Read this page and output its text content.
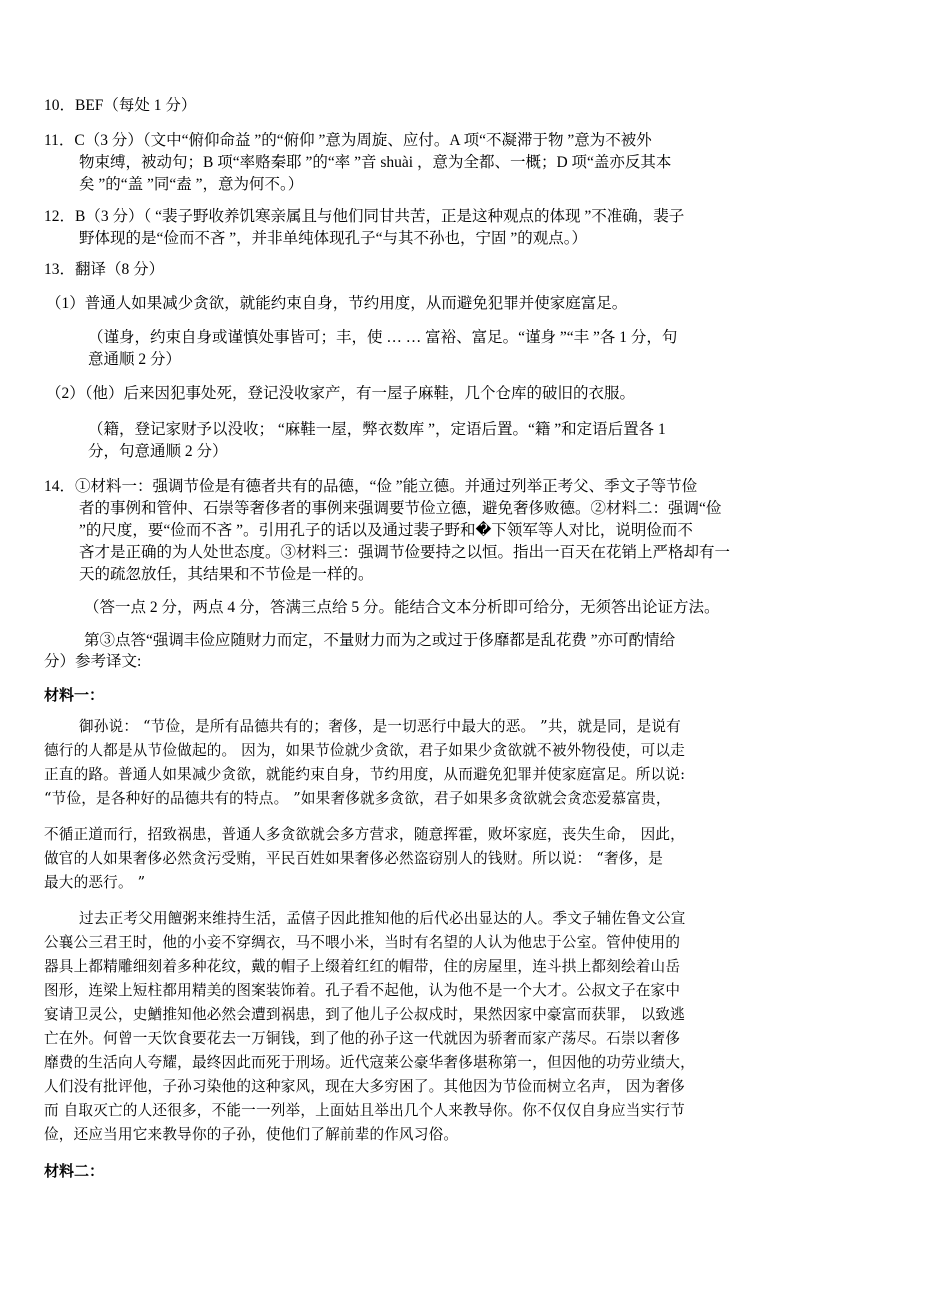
10．BEF（每处 1 分）
11．C（3 分）（文中“俯仰命益 ”的“俯仰 ”意为周旋、应付。A 项“不凝滞于物 ”意为不被外
物束缚，被动句；B 项“率赂秦耶 ”的“率 ”音 shuài ，意为全都、一概；D 项“盖亦反其本
矣 ”的“盖 ”同“盍 ”，意为何不。）
12．B（3 分）（ “裴子野收养饥寒亲属且与他们同甘共苦，正是这种观点的体现 ”不准确，裴子
野体现的是“俭而不吝 ”，并非单纯体现孔子“与其不孙也，宁固 ”的观点。）
13．翻译（8 分）
（1）普通人如果减少贪欲，就能约束自身，节约用度，从而避免犯罪并使家庭富足。
（谨身，约束自身或谨慎处事皆可；丰，使 … … 富裕、富足。“谨身 ”“丰 ”各 1 分，句
意通顺 2 分）
（2）（他）后来因犯事处死，登记没收家产，有一屋子麻鞋，几个仓库的破旧的衣服。
（籍，登记家财予以没收； “麻鞋一屋，弊衣数库 ”，定语后置。“籍 ”和定语后置各 1
分，句意通顺 2 分）
14．①材料一：强调节俭是有德者共有的品德，“俭 ”能立德。并通过列举正考父、季文子等节俭
者的事例和管仲、石崇等奢侈者的事例来强调要节俭立德，避免奢侈败德。②材料二：强调“俭
”的尺度，要“俭而不吝 ”。引用孔子的话以及通过裴子野和�下领军等人对比，说明俭而不
吝才是正确的为人处世态度。③材料三：强调节俭要持之以恒。指出一百天在花销上严格却有一
天的疏忽放任，其结果和不节俭是一样的。
（答一点 2 分，两点 4 分，答满三点给 5 分。能结合文本分析即可给分，无须答出论证方法。
第③点答“强调丰俭应随财力而定，不量财力而为之或过于侈靡都是乱花费 ”亦可酌情给
分）参考译文:
材料一：
御孙说： “节俭，是所有品德共有的；奢侈，是一切恶行中最大的恶。 ”共，就是同，是说有
德行的人都是从节俭做起的。 因为，如果节俭就少贪欲，君子如果少贪欲就不被外物役使，可以走
正直的路。普通人如果减少贪欲，就能约束自身，节约用度，从而避免犯罪并使家庭富足。所以说:
“节俭，是各种好的品德共有的特点。 ”如果奢侈就多贪欲，君子如果多贪欲就会贪恋爱慕富贵，
不循正道而行，招致祸患，普通人多贪欲就会多方营求，随意挥霍，败坏家庭，丧失生命， 因此，
做官的人如果奢侈必然贪污受贿，平民百姓如果奢侈必然盗窃别人的钱财。所以说： “奢侈，是
最大的恶行。 ”
过去正考父用饘粥来维持生活，孟僖子因此推知他的后代必出显达的人。季文子辅佐鲁文公宣
公襄公三君王时，他的小妾不穿绸衣，马不喂小米，当时有名望的人认为他忠于公室。管仲使用的
器具上都精雕细刻着多种花纹，戴的帽子上缀着红红的帽带，住的房屋里，连斗拱上都刻绘着山岳
图形，连梁上短柱都用精美的图案装饰着。孔子看不起他，认为他不是一个大才。公叔文子在家中
宴请卫灵公，史鰌推知他必然会遭到祸患，到了他儿子公叔戍时，果然因家中豪富而获罪， 以致逃
亡在外。何曾一天饮食要花去一万铜钱，到了他的孙子这一代就因为骄奢而家产荡尽。石崇以奢侈
靡费的生活向人夸耀，最终因此而死于刑场。近代寇莱公豪华奢侈堪称第一，但因他的功劳业绩大，
人们没有批评他，子孙习染他的这种家风，现在大多穷困了。其他因为节俭而树立名声， 因为奢侈
而 自取灭亡的人还很多，不能一一列举，上面姑且举出几个人来教导你。你不仅仅自身应当实行节
俭，还应当用它来教导你的子孙，使他们了解前辈的作风习俗。
材料二：
